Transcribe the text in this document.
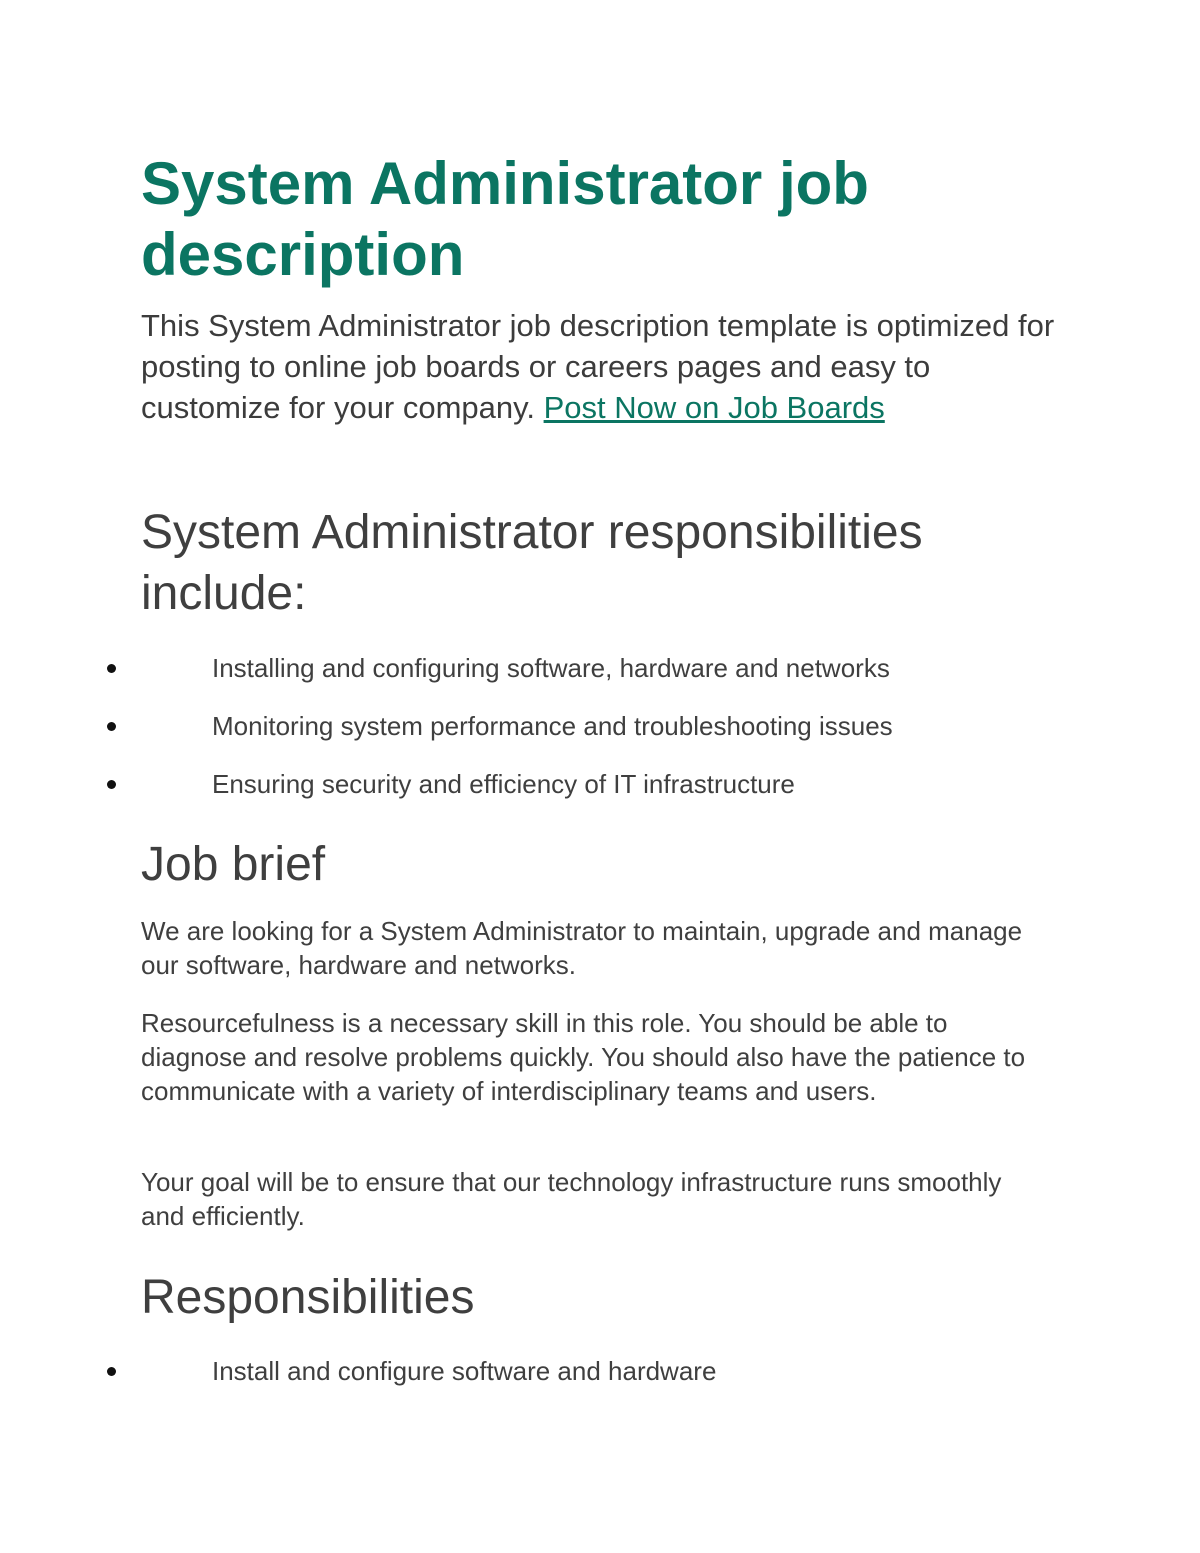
System Administrator job description

This System Administrator job description template is optimized for posting to online job boards or careers pages and easy to customize for your company. Post Now on Job Boards

System Administrator responsibilities include:
Installing and configuring software, hardware and networks
Monitoring system performance and troubleshooting issues
Ensuring security and efficiency of IT infrastructure
Job brief

We are looking for a System Administrator to maintain, upgrade and manage our software, hardware and networks.

Resourcefulness is a necessary skill in this role. You should be able to diagnose and resolve problems quickly. You should also have the patience to communicate with a variety of interdisciplinary teams and users.

Your goal will be to ensure that our technology infrastructure runs smoothly and efficiently.

Responsibilities
Install and configure software and hardware
